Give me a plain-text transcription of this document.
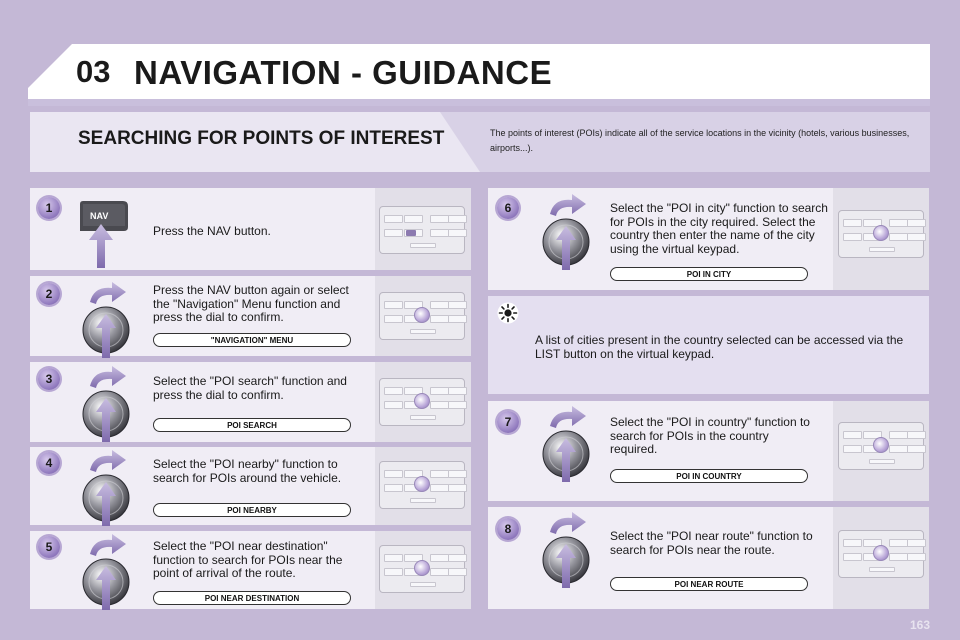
03 NAVIGATION - GUIDANCE
SEARCHING FOR POINTS OF INTEREST	The points of interest (POIs) indicate all of the service locations in the vicinity (hotels, various businesses, airports...).
1
NAV
Press the NAV button.
2	Press the NAV button again or select the "Navigation" Menu function and press the dial to confirm.
"NAVIGATION" MENU
3	Select the "POI search" function and press the dial to confirm.
POI SEARCH
4	Select the "POI nearby" function to search for POIs around the vehicle.
POI NEARBY
5	Select the "POI near destination" function to search for POIs near the point of arrival of the route.
POI NEAR DESTINATION
6	Select the "POI in city" function to search for POIs in the city required. Select the country then enter the name of the city using the virtual keypad.
POI IN CITY
A list of cities present in the country selected can be accessed via the LIST button on the virtual keypad.
7	Select the "POI in country" function to search for POIs in the country required.
POI IN COUNTRY
8	Select the "POI near route" function to search for POIs near the route.
POI NEAR ROUTE
163
